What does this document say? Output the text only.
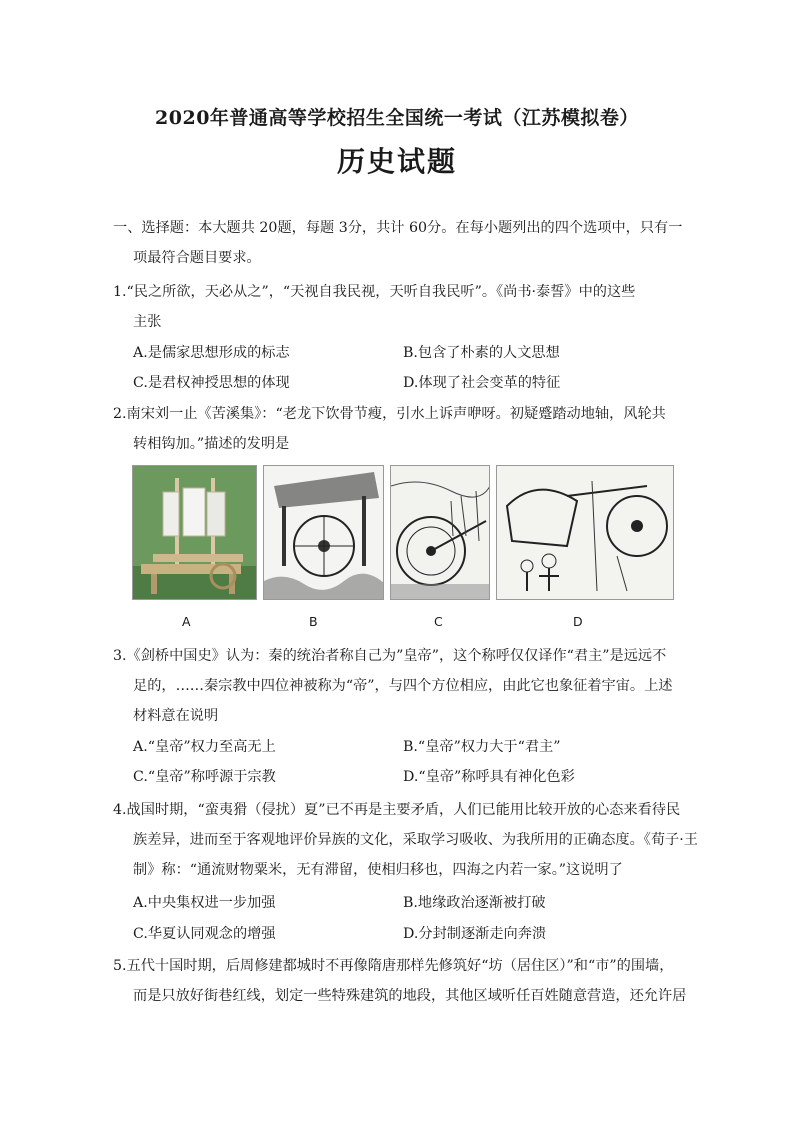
2020年普通高等学校招生全国统一考试（江苏模拟卷）
历史试题
一、选择题：本大题共 20题，每题 3分，共计 60分。在每小题列出的四个选项中，只有一
项最符合题目要求。
1.“民之所欲，天必从之”，“天视自我民视，天听自我民听”。《尚书·泰誓》中的这些
主张
A.是儒家思想形成的标志	B.包含了朴素的人文思想
C.是君权神授思想的体现	D.体现了社会变革的特征
2.南宋刘一止《苦溪集》：“老龙下饮骨节瘦，引水上诉声咿呀。初疑蹙踏动地轴，风轮共
转相钩加。”描述的发明是
A	B	C	D
3.《剑桥中国史》认为：秦的统治者称自己为”皇帝”，这个称呼仅仅译作“君主”是远远不
足的，……秦宗教中四位神被称为“帝”，与四个方位相应，由此它也象征着宇宙。上述
材料意在说明
A.“皇帝”权力至高无上	B.“皇帝”权力大于“君主”
C.“皇帝”称呼源于宗教	D.“皇帝”称呼具有神化色彩
4.战国时期，“蛮夷猾（侵扰）夏”已不再是主要矛盾，人们已能用比较开放的心态来看待民
族差异，进而至于客观地评价异族的文化，采取学习吸收、为我所用的正确态度。《荀子·王
制》称：“通流财物粟米，无有滞留，使相归移也，四海之内若一家。”这说明了
A.中央集权进一步加强	B.地缘政治逐渐被打破
C.华夏认同观念的增强	D.分封制逐渐走向奔溃
5.五代十国时期，后周修建都城时不再像隋唐那样先修筑好“坊（居住区）”和“市”的围墙，
而是只放好街巷红线，划定一些特殊建筑的地段，其他区域听任百姓随意营造，还允许居
